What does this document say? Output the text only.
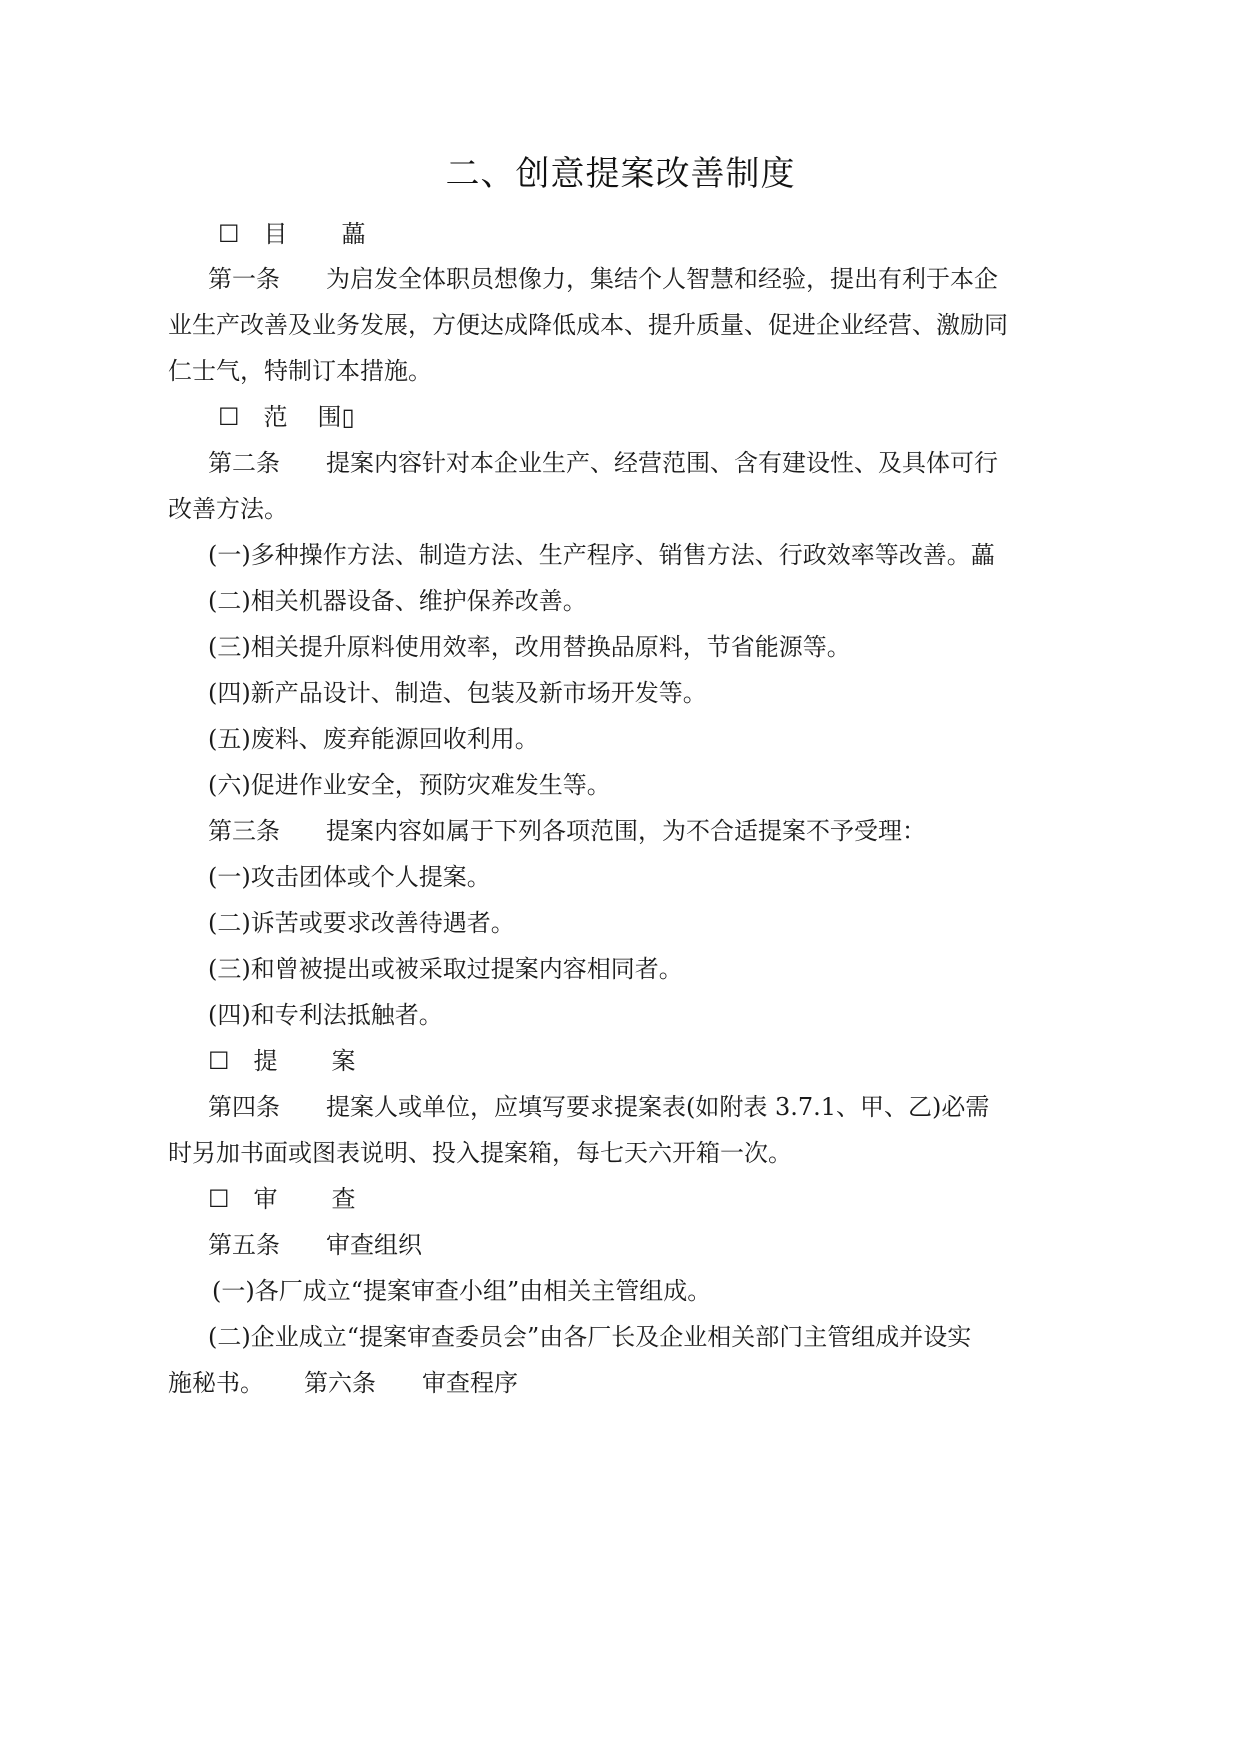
二、创意提案改善制度
☐ 目 藟
第一条 为启发全体职员想像力，集结个人智慧和经验，提出有利于本企
业生产改善及业务发展，方便达成降低成本、提升质量、促进企业经营、激励同
仁士气，特制订本措施。
☐ 范 围▯
第二条 提案内容针对本企业生产、经营范围、含有建设性、及具体可行
改善方法。
(一)多种操作方法、制造方法、生产程序、销售方法、行政效率等改善。藟
(二)相关机器设备、维护保养改善。
(三)相关提升原料使用效率，改用替换品原料，节省能源等。
(四)新产品设计、制造、包装及新市场开发等。
(五)废料、废弃能源回收利用。
(六)促进作业安全，预防灾难发生等。
第三条 提案内容如属于下列各项范围，为不合适提案不予受理：
(一)攻击团体或个人提案。
(二)诉苦或要求改善待遇者。
(三)和曾被提出或被采取过提案内容相同者。
(四)和专利法抵触者。
☐ 提 案
第四条 提案人或单位，应填写要求提案表(如附表 3.7.1、甲、乙)必需
时另加书面或图表说明、投入提案箱，每七天六开箱一次。
☐ 审 查
第五条 审查组织
(一)各厂成立“提案审查小组”由相关主管组成。
(二)企业成立“提案审查委员会”由各厂长及企业相关部门主管组成并设实
施秘书。 第六条 审查程序
